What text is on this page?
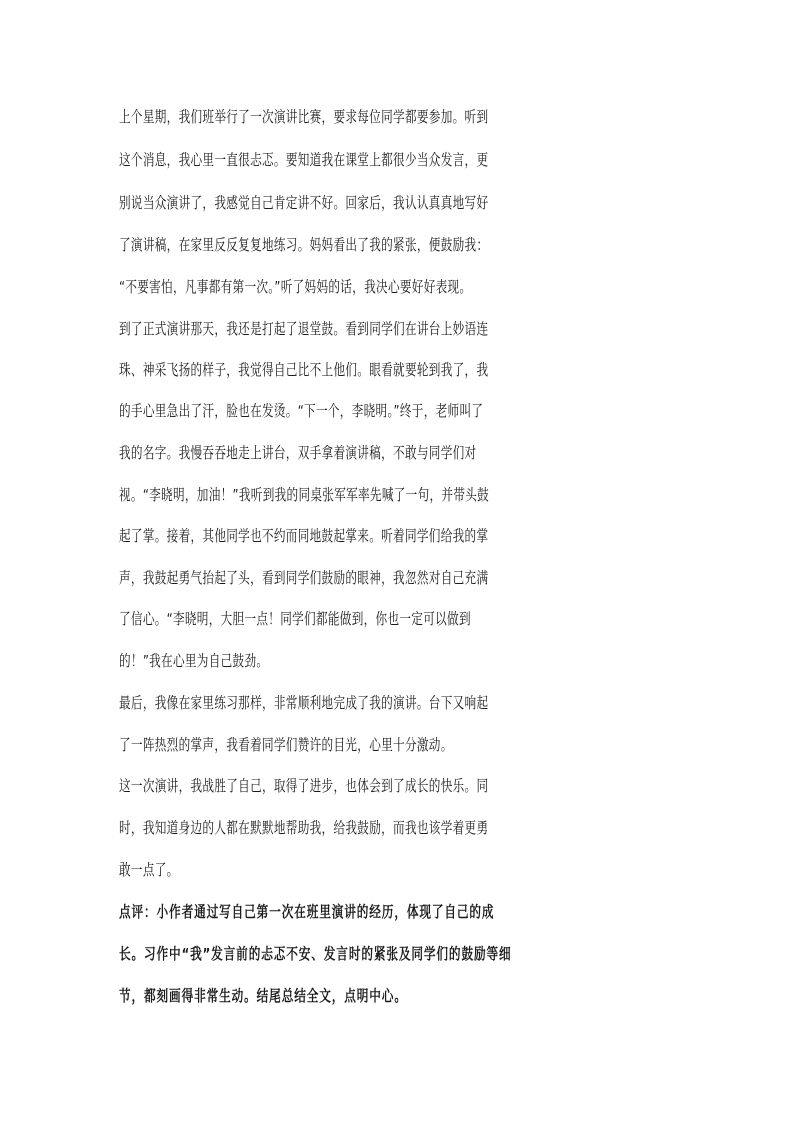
上个星期，我们班举行了一次演讲比赛，要求每位同学都要参加。听到
这个消息，我心里一直很忐忑。要知道我在课堂上都很少当众发言，更
别说当众演讲了，我感觉自己肯定讲不好。回家后，我认认真真地写好
了演讲稿，在家里反反复复地练习。妈妈看出了我的紧张，便鼓励我：
“不要害怕，凡事都有第一次。”听了妈妈的话，我决心要好好表现。
到了正式演讲那天，我还是打起了退堂鼓。看到同学们在讲台上妙语连
珠、神采飞扬的样子，我觉得自己比不上他们。眼看就要轮到我了，我
的手心里急出了汗，脸也在发烫。“下一个，李晓明。”终于，老师叫了
我的名字。我慢吞吞地走上讲台，双手拿着演讲稿，不敢与同学们对
视。“李晓明，加油！”我听到我的同桌张军军率先喊了一句，并带头鼓
起了掌。接着，其他同学也不约而同地鼓起掌来。听着同学们给我的掌
声，我鼓起勇气抬起了头，看到同学们鼓励的眼神，我忽然对自己充满
了信心。“李晓明，大胆一点！同学们都能做到，你也一定可以做到
的！”我在心里为自己鼓劲。
最后，我像在家里练习那样，非常顺利地完成了我的演讲。台下又响起
了一阵热烈的掌声，我看着同学们赞许的目光，心里十分激动。
这一次演讲，我战胜了自己，取得了进步，也体会到了成长的快乐。同
时，我知道身边的人都在默默地帮助我，给我鼓励，而我也该学着更勇
敢一点了。
点评：小作者通过写自己第一次在班里演讲的经历，体现了自己的成
长。习作中“我”发言前的忐忑不安、发言时的紧张及同学们的鼓励等细
节，都刻画得非常生动。结尾总结全文，点明中心。
